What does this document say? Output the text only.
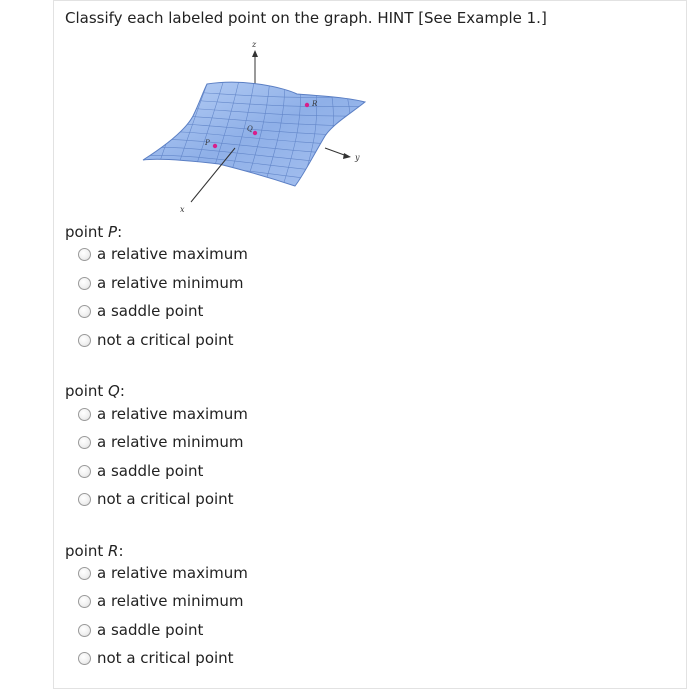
Classify each labeled point on the graph. HINT [See Example 1.]
z
y
x
P
Q
R
point P:
a relative maximum
a relative minimum
a saddle point
not a critical point
point Q:
a relative maximum
a relative minimum
a saddle point
not a critical point
point R:
a relative maximum
a relative minimum
a saddle point
not a critical point
